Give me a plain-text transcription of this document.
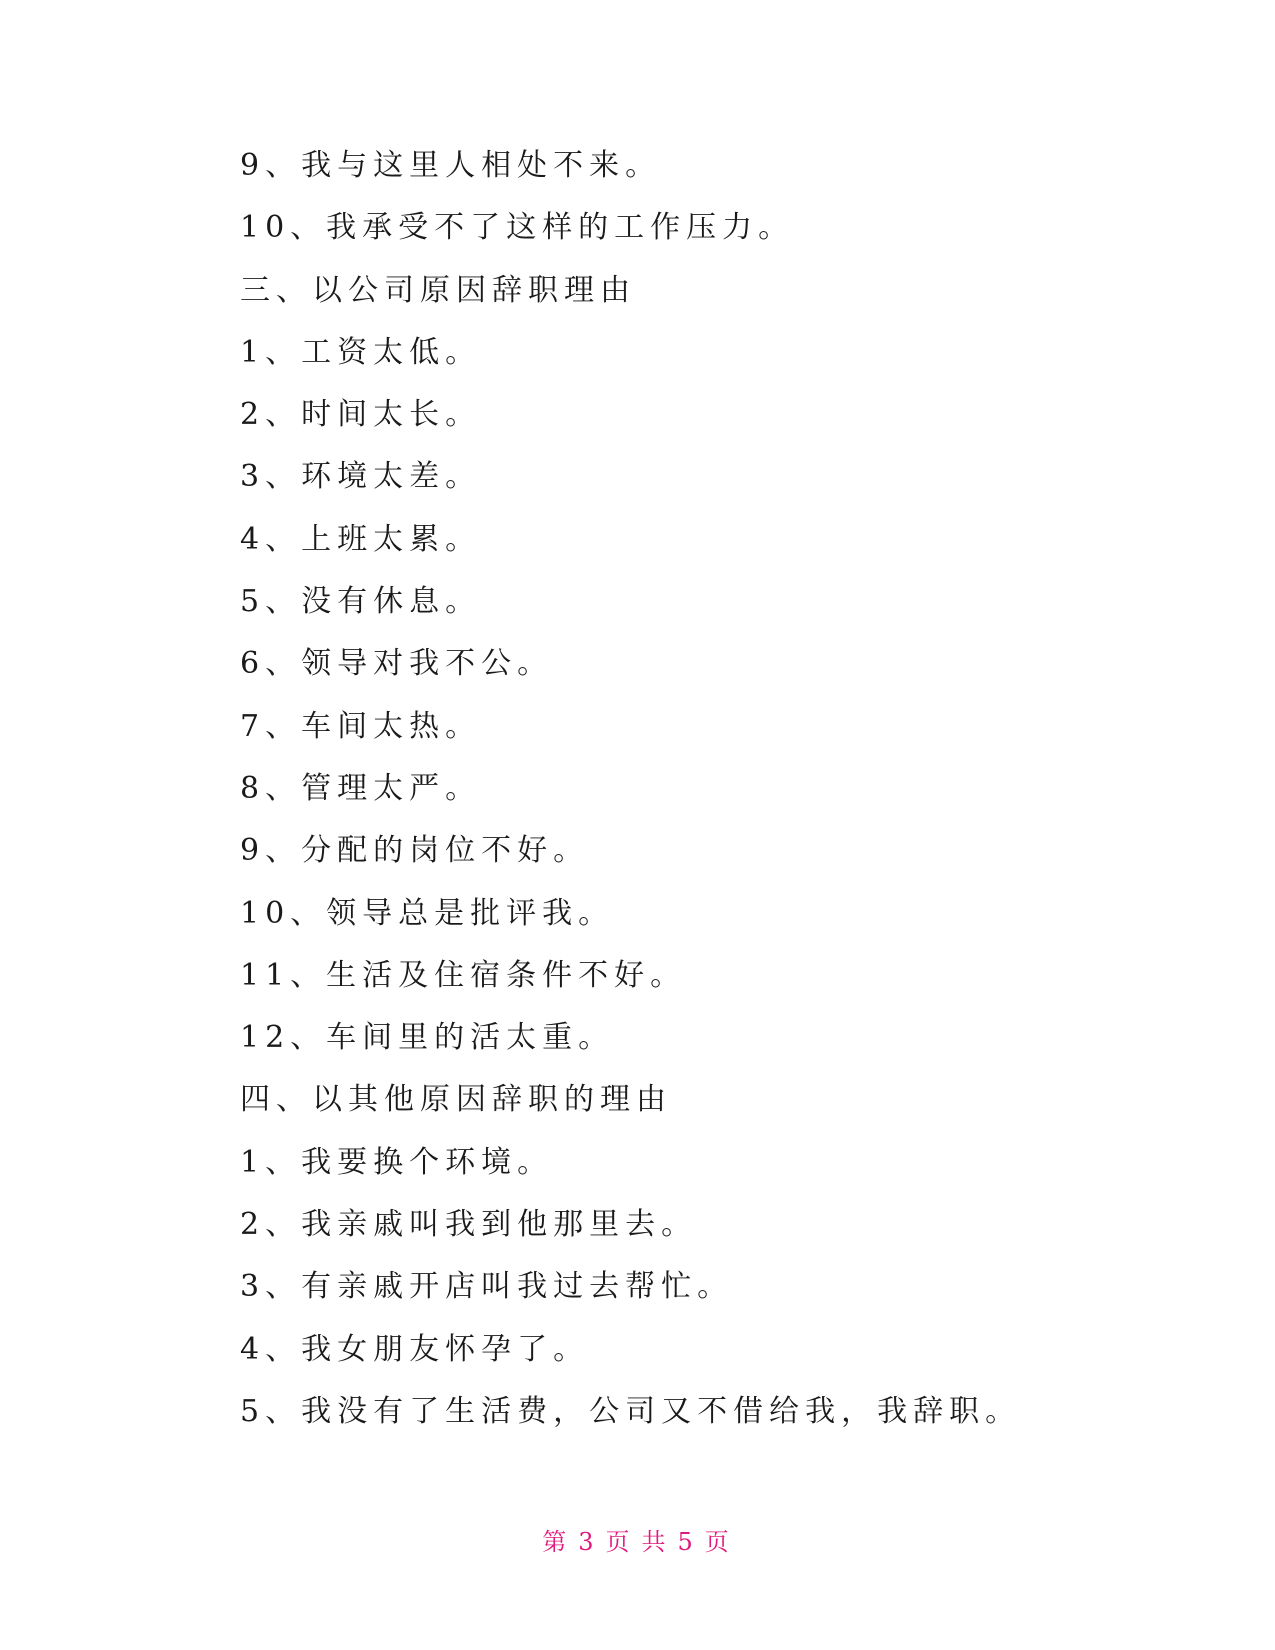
9、我与这里人相处不来。
10、我承受不了这样的工作压力。
三、以公司原因辞职理由
1、工资太低。
2、时间太长。
3、环境太差。
4、上班太累。
5、没有休息。
6、领导对我不公。
7、车间太热。
8、管理太严。
9、分配的岗位不好。
10、领导总是批评我。
11、生活及住宿条件不好。
12、车间里的活太重。
四、以其他原因辞职的理由
1、我要换个环境。
2、我亲戚叫我到他那里去。
3、有亲戚开店叫我过去帮忙。
4、我女朋友怀孕了。
5、我没有了生活费，公司又不借给我，我辞职。
第 3 页 共 5 页
